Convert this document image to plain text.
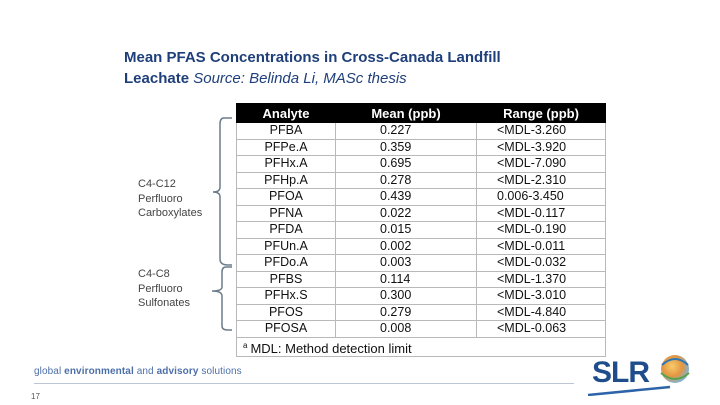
Mean PFAS Concentrations in Cross-Canada Landfill Leachate Source: Belinda Li, MASc thesis
Analyte	Mean (ppb)	Range (ppb)
PFBA	0.227	<MDL-3.260
PFPe.A	0.359	<MDL-3.920
PFHx.A	0.695	<MDL-7.090
PFHp.A	0.278	<MDL-2.310
PFOA	0.439	0.006-3.450
PFNA	0.022	<MDL-0.117
PFDA	0.015	<MDL-0.190
PFUn.A	0.002	<MDL-0.011
PFDo.A	0.003	<MDL-0.032
PFBS	0.114	<MDL-1.370
PFHx.S	0.300	<MDL-3.010
PFOS	0.279	<MDL-4.840
PFOSA	0.008	<MDL-0.063
$^a$ MDL: Method detection limit		
C4-C12
Perfluoro
Carboxylates
C4-C8
Perfluoro
Sulfonates
global environmental and advisory solutions
17
SLR
